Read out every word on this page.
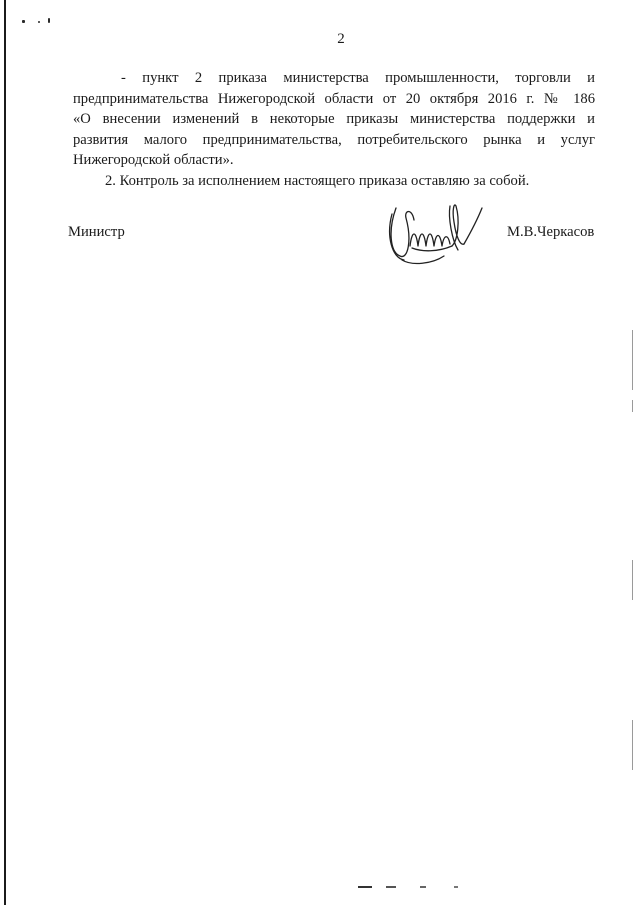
2

- пункт 2 приказа министерства промышленности, торговли и
предпринимательства Нижегородской области от 20 октября 2016 г. № 186
«О внесении изменений в некоторые приказы министерства поддержки и
развития малого предпринимательства, потребительского рынка и услуг
Нижегородской области».

2. Контроль за исполнением настоящего приказа оставляю за собой.

Министр	М.В.Черкасов
